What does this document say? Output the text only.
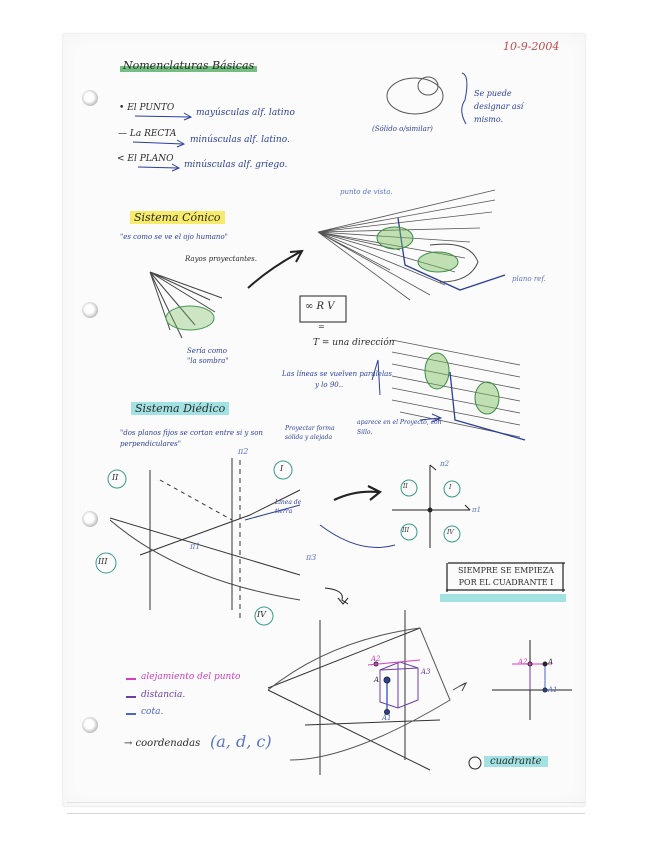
10-9-2004
Nomenclaturas Básicas
• El PUNTO mayúsculas alf. latino
— La RECTA
minúsculas alf. latino.
< El PLANO
minúsculas alf. griego.
Se puede designar así mismo.
(Sólido o/similar)
Sistema Cónico
"es como se ve el ojo humano"
Rayos proyectantes.
Sería como "la sombra"
punto de vista.
plano ref.
∞ R V
=
T = una dirección
Las líneas se vuelven paralelas
y lo 90..
Sistema Diédico
"dos planos fijos se cortan entre si y son perpendiculares"
Proyectar forma sólida y alejada
aparece en el Proyecto, con Sillo.
II
I
III
IV
π2
π1
π3
Línea de tierra
π2
π1
II	I
III	IV
SIEMPRE SE EMPIEZA POR EL CUADRANTE I
alejamiento del punto
distancia.
cota.
→ coordenadas (a, d, c)
A2
A3
A
A1
A2	A
A1
cuadrante
